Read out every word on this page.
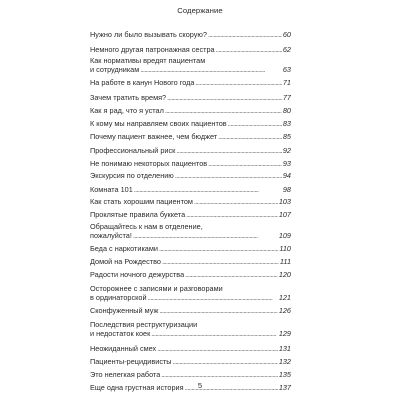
Содержание
Нужно ли было вызывать скорую? . . .	60
Немного другая патронажная сестра . . .	62
Как нормативы вредят пациентам
и сотрудникам . . .	63
На работе в канун Нового года . . .	71
Зачем тратить время? . . .	77
Как я рад, что я устал . . .	80
К кому мы направляем своих пациентов . . .	83
Почему пациент важнее, чем бюджет . . .	85
Профессиональный риск . . .	92
Не понимаю некоторых пациентов . . .	93
Экскурсия по отделению . . .	94
Комната 101 . . .	98
Как стать хорошим пациентом . . .	103
Проклятые правила буккета . . .	107
Обращайтесь к нам в отделение,
пожалуйста! . . .	109
Беда с наркотиками . . .	110
Домой на Рождество . . .	111
Радости ночного дежурства . . .	120
Осторожнее с записями и разговорами
в ординаторской . . .	121
Сконфуженный муж . . .	126
Последствия реструктуризации
и недостаток коек . . .	129
Неожиданный смех . . .	131
Пациенты-рецидивисты . . .	132
Это нелегкая работа . . .	135
Еще одна грустная история . . .	137
5
